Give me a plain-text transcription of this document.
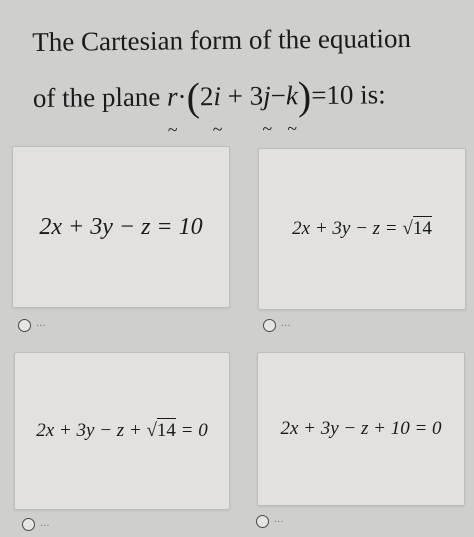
The Cartesian form of the equation
of the plane r ~·(2i ~ + 3j ~−k ~)=10 is:
2x + 3y − z = 10
...
2x + 3y − z = √14
...
2x + 3y − z + √14 = 0
...
2x + 3y − z + 10 = 0
...
